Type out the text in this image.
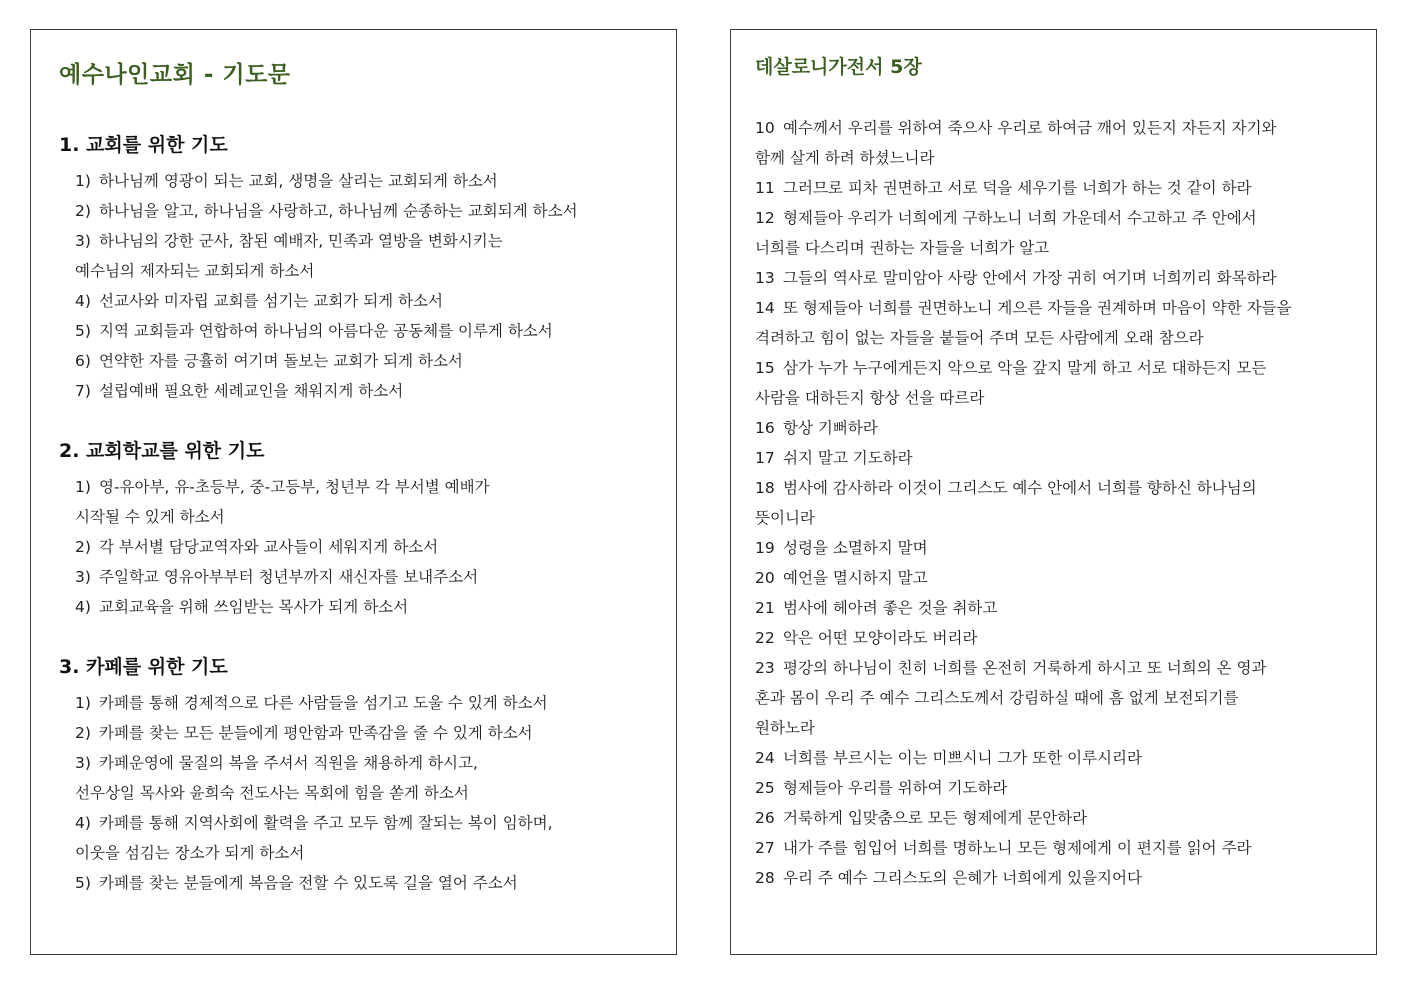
예수나인교회 - 기도문
1. 교회를 위한 기도
1) 하나님께 영광이 되는 교회, 생명을 살리는 교회되게 하소서
2) 하나님을 알고, 하나님을 사랑하고, 하나님께 순종하는 교회되게 하소서
3) 하나님의 강한 군사, 참된 예배자, 민족과 열방을 변화시키는
예수님의 제자되는 교회되게 하소서
4) 선교사와 미자립 교회를 섬기는 교회가 되게 하소서
5) 지역 교회들과 연합하여 하나님의 아름다운 공동체를 이루게 하소서
6) 연약한 자를 긍휼히 여기며 돌보는 교회가 되게 하소서
7) 설립예배 필요한 세례교인을 채워지게 하소서
2. 교회학교를 위한 기도
1) 영-유아부, 유-초등부, 중-고등부, 청년부 각 부서별 예배가
시작될 수 있게 하소서
2) 각 부서별 담당교역자와 교사들이 세워지게 하소서
3) 주일학교 영유아부부터 청년부까지 새신자를 보내주소서
4) 교회교육을 위해 쓰임받는 목사가 되게 하소서
3. 카페를 위한 기도
1) 카페를 통해 경제적으로 다른 사람들을 섬기고 도울 수 있게 하소서
2) 카페를 찾는 모든 분들에게 평안함과 만족감을 줄 수 있게 하소서
3) 카페운영에 물질의 복을 주셔서 직원을 채용하게 하시고,
선우상일 목사와 윤희숙 전도사는 목회에 힘을 쏟게 하소서
4) 카페를 통해 지역사회에 활력을 주고 모두 함께 잘되는 복이 임하며,
이웃을 섬김는 장소가 되게 하소서
5) 카페를 찾는 분들에게 복음을 전할 수 있도록 길을 열어 주소서
데살로니가전서 5장
10 예수께서 우리를 위하여 죽으사 우리로 하여금 깨어 있든지 자든지 자기와
함께 살게 하려 하셨느니라
11 그러므로 피차 권면하고 서로 덕을 세우기를 너희가 하는 것 같이 하라
12 형제들아 우리가 너희에게 구하노니 너희 가운데서 수고하고 주 안에서
너희를 다스리며 권하는 자들을 너희가 알고
13 그들의 역사로 말미암아 사랑 안에서 가장 귀히 여기며 너희끼리 화목하라
14 또 형제들아 너희를 권면하노니 게으른 자들을 권계하며 마음이 약한 자들을
격려하고 힘이 없는 자들을 붙들어 주며 모든 사람에게 오래 참으라
15 삼가 누가 누구에게든지 악으로 악을 갚지 말게 하고 서로 대하든지 모든
사람을 대하든지 항상 선을 따르라
16 항상 기뻐하라
17 쉬지 말고 기도하라
18 범사에 감사하라 이것이 그리스도 예수 안에서 너희를 향하신 하나님의
뜻이니라
19 성령을 소멸하지 말며
20 예언을 멸시하지 말고
21 범사에 헤아려 좋은 것을 취하고
22 악은 어떤 모양이라도 버리라
23 평강의 하나님이 친히 너희를 온전히 거룩하게 하시고 또 너희의 온 영과
혼과 몸이 우리 주 예수 그리스도께서 강림하실 때에 흠 없게 보전되기를
원하노라
24 너희를 부르시는 이는 미쁘시니 그가 또한 이루시리라
25 형제들아 우리를 위하여 기도하라
26 거룩하게 입맞춤으로 모든 형제에게 문안하라
27 내가 주를 힘입어 너희를 명하노니 모든 형제에게 이 편지를 읽어 주라
28 우리 주 예수 그리스도의 은혜가 너희에게 있을지어다
